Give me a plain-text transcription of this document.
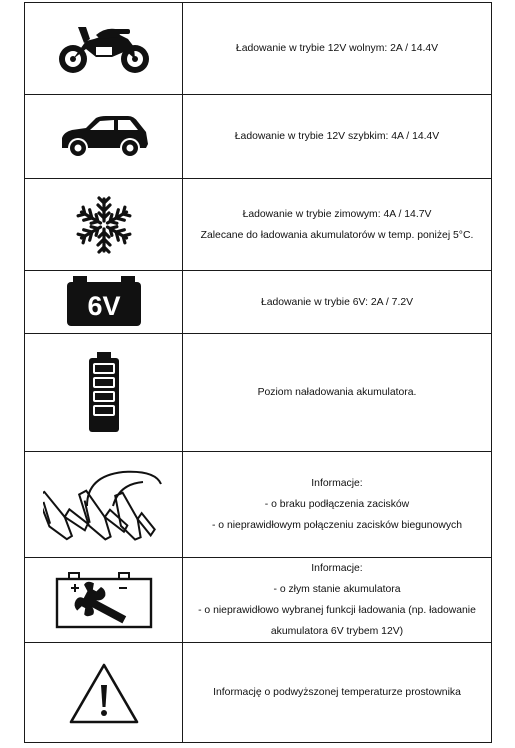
Ładowanie w trybie 12V wolnym: 2A / 14.4V

Ładowanie w trybie 12V szybkim: 4A / 14.4V

Ładowanie w trybie zimowym: 4A / 14.7V
Zalecane do ładowania akumulatorów w temp. poniżej 5°C.

6V	Ładowanie w trybie 6V: 2A / 7.2V

Poziom naładowania akumulatora.

Informacje:
- o braku podłączenia zacisków
- o nieprawidłowym połączeniu zacisków biegunowych

Informacje:
- o złym stanie akumulatora
- o nieprawidłowo wybranej funkcji ładowania (np. ładowanie
akumulatora 6V trybem 12V)

Informację o podwyższonej temperaturze prostownika
